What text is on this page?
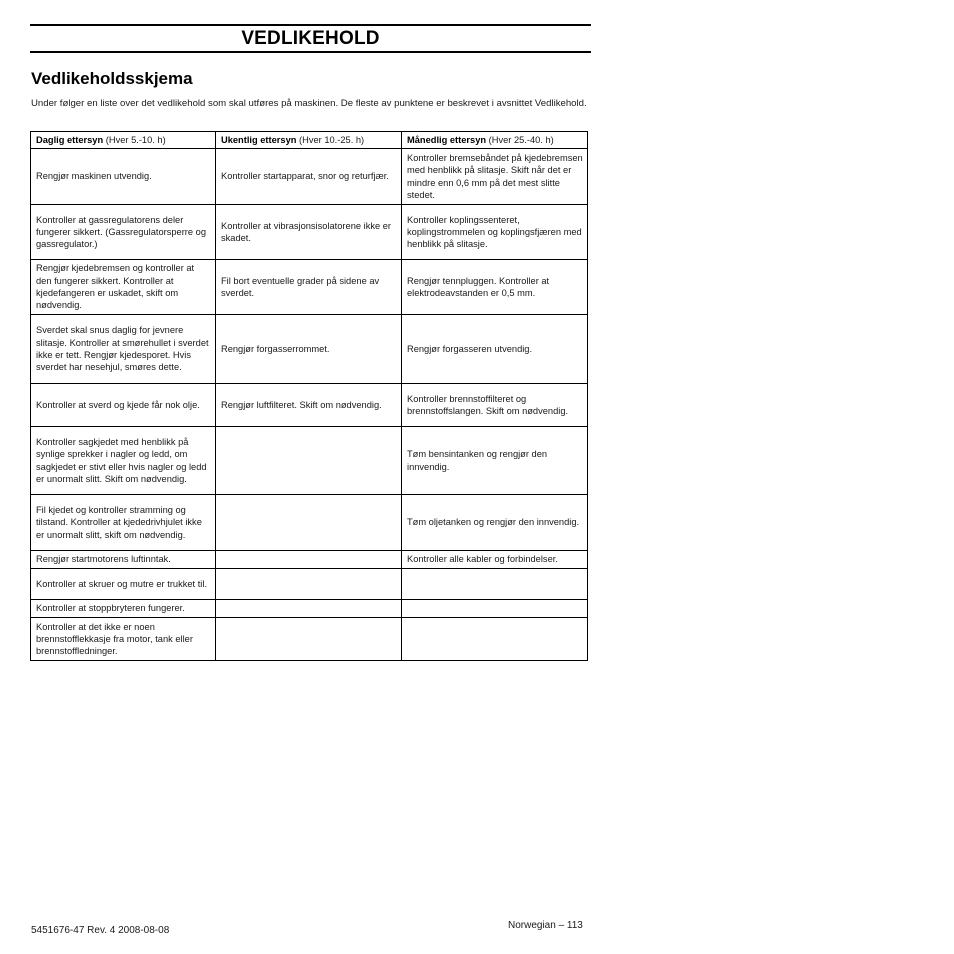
VEDLIKEHOLD
Vedlikeholdsskjema

Under følger en liste over det vedlikehold som skal utføres på maskinen. De fleste av punktene er beskrevet i avsnittet Vedlikehold.

Daglig ettersyn (Hver 5.-10. h)	Ukentlig ettersyn (Hver 10.-25. h)	Månedlig ettersyn (Hver 25.-40. h)
Rengjør maskinen utvendig.	Kontroller startapparat, snor og returfjær.	Kontroller bremsebåndet på kjedebremsen med henblikk på slitasje. Skift når det er mindre enn 0,6 mm på det mest slitte stedet.
Kontroller at gassregulatorens deler fungerer sikkert. (Gassregulatorsperre og gassregulator.)	Kontroller at vibrasjonsisolatorene ikke er skadet.	Kontroller koplingssenteret, koplingstrommelen og koplingsfjæren med henblikk på slitasje.
Rengjør kjedebremsen og kontroller at den fungerer sikkert. Kontroller at kjedefangeren er uskadet, skift om nødvendig.	Fil bort eventuelle grader på sidene av sverdet.	Rengjør tennpluggen. Kontroller at elektrodeavstanden er 0,5 mm.
Sverdet skal snus daglig for jevnere slitasje. Kontroller at smørehullet i sverdet ikke er tett. Rengjør kjedesporet. Hvis sverdet har nesehjul, smøres dette.	Rengjør forgasserrommet.	Rengjør forgasseren utvendig.
Kontroller at sverd og kjede får nok olje.	Rengjør luftfilteret. Skift om nødvendig.	Kontroller brennstoffilteret og brennstoffslangen. Skift om nødvendig.
Kontroller sagkjedet med henblikk på synlige sprekker i nagler og ledd, om sagkjedet er stivt eller hvis nagler og ledd er unormalt slitt. Skift om nødvendig.		Tøm bensintanken og rengjør den innvendig.
Fil kjedet og kontroller stramming og tilstand. Kontroller at kjededrivhjulet ikke er unormalt slitt, skift om nødvendig.		Tøm oljetanken og rengjør den innvendig.
Rengjør startmotorens luftinntak.		Kontroller alle kabler og forbindelser.
Kontroller at skruer og mutre er trukket til.		
Kontroller at stoppbryteren fungerer.		
Kontroller at det ikke er noen brennstofflekkasje fra motor, tank eller brennstoffledninger.		
5451676-47 Rev. 4 2008-08-08	Norwegian – 113
